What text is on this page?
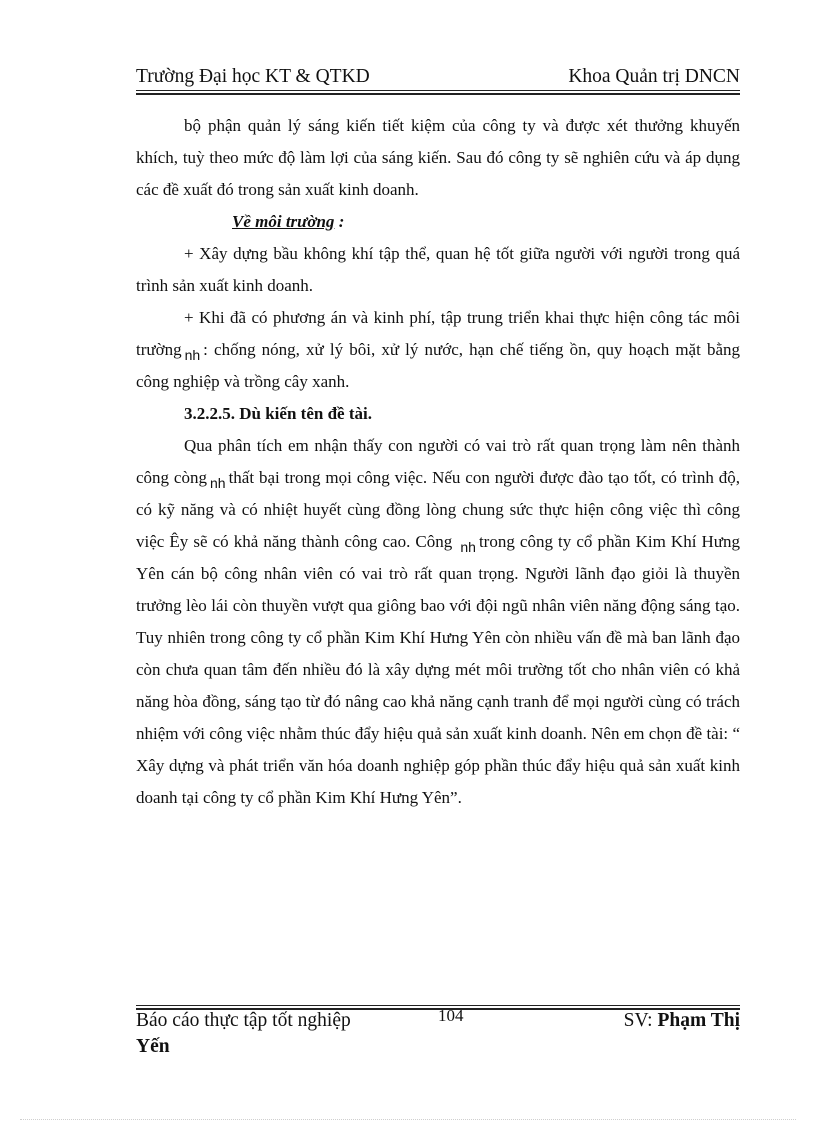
Trường Đại học KT & QTKD	Khoa Quản trị DNCN

bộ phận quản lý sáng kiến tiết kiệm của công ty và được xét thưởng khuyến khích, tuỳ theo mức độ làm lợi của sáng kiến. Sau đó công ty sẽ nghiên cứu và áp dụng các đề xuất đó trong sản xuất kinh doanh.

Về môi trường :

+ Xây dựng bầu không khí tập thể, quan hệ tốt giữa người với người trong quá trình sản xuất kinh doanh.

+ Khi đã có phương án và kinh phí, tập trung triển khai thực hiện công tác môi trường $_{nh}$ : chống nóng, xử lý bôi, xử lý nước, hạn chế tiếng ồn, quy hoạch mặt bằng công nghiệp và trồng cây xanh.

3.2.2.5. Dù kiến tên đề tài.

Qua phân tích em nhận thấy con người có vai trò rất quan trọng làm nên thành công còng $_{nh}$ thất bại trong mọi công việc. Nếu con người được đào tạo tốt, có trình độ, có kỹ năng và có nhiệt huyết cùng đồng lòng chung sức thực hiện công việc thì công việc Êy sẽ có khả năng thành công cao. Công $_{nh}$ trong công ty cổ phần Kim Khí Hưng Yên cán bộ công nhân viên có vai trò rất quan trọng. Người lãnh đạo giỏi là thuyền trưởng lèo lái còn thuyền vượt qua giông bao với đội ngũ nhân viên năng động sáng tạo. Tuy nhiên trong công ty cổ phần Kim Khí Hưng Yên còn nhiều vấn đề mà ban lãnh đạo còn chưa quan tâm đến nhiều đó là xây dựng mét môi trường tốt cho nhân viên có khả năng hòa đồng, sáng tạo từ đó nâng cao khả năng cạnh tranh để mọi người cùng có trách nhiệm với công việc nhằm thúc đẩy hiệu quả sản xuất kinh doanh. Nên em chọn đề tài: “ Xây dựng và phát triển văn hóa doanh nghiệp góp phần thúc đẩy hiệu quả sản xuất kinh doanh tại công ty cổ phần Kim Khí Hưng Yên”.

Báo cáo thực tập tốt nghiệp	104	SV: Phạm Thị
Yến
